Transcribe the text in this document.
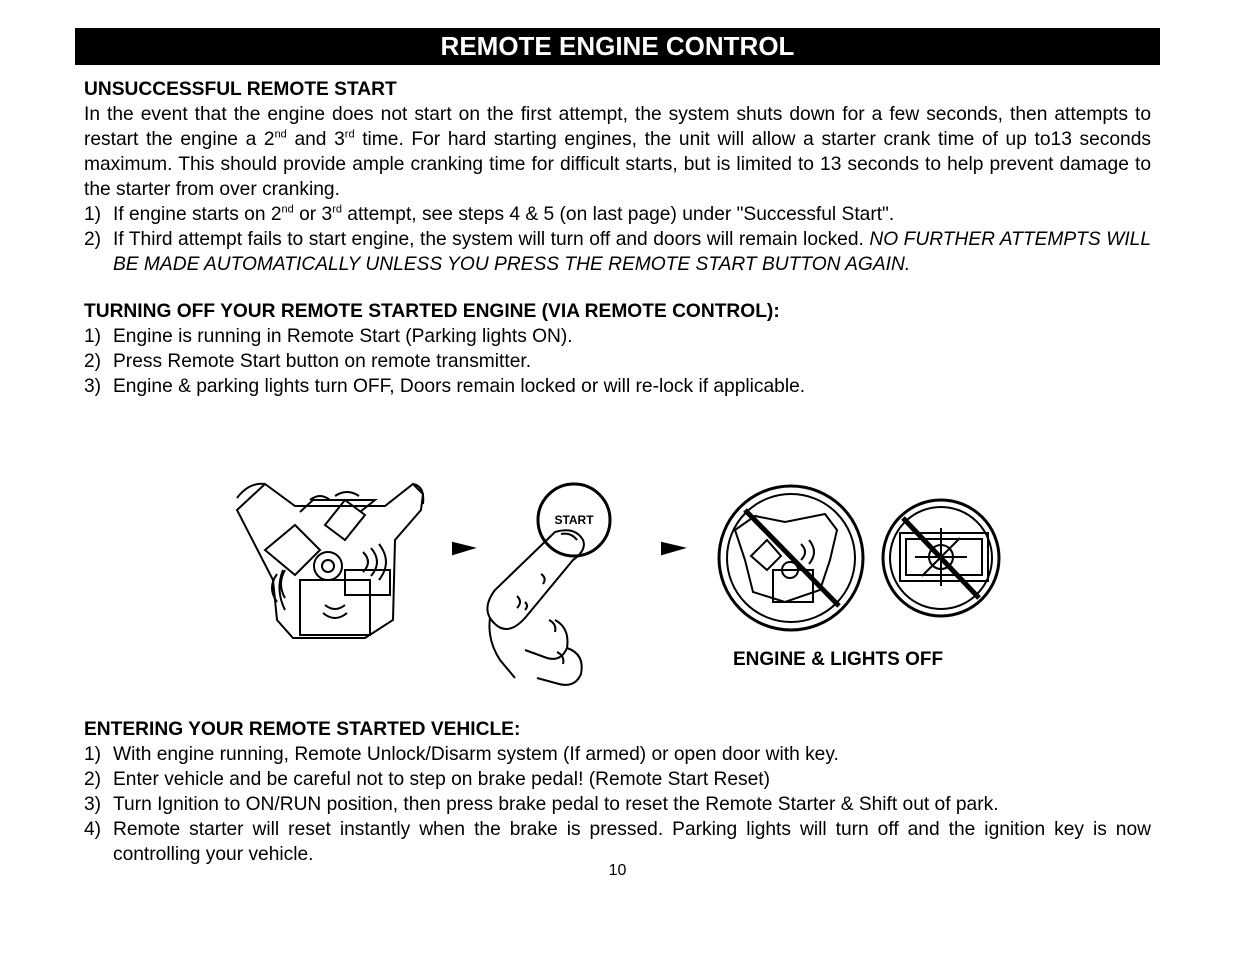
REMOTE ENGINE CONTROL

UNSUCCESSFUL REMOTE START

In the event that the engine does not start on the first attempt, the system shuts down for a few seconds, then attempts to restart the engine a 2nd and 3rd time. For hard starting engines, the unit will allow a starter crank time of up to13 seconds maximum. This should provide ample cranking time for difficult starts, but is limited to 13 seconds to help prevent damage to the starter from over cranking.

1) If engine starts on 2nd or 3rd attempt, see steps 4 & 5 (on last page) under "Successful Start".
2) If Third attempt fails to start engine, the system will turn off and doors will remain locked. NO FURTHER ATTEMPTS WILL BE MADE AUTOMATICALLY UNLESS YOU PRESS THE REMOTE START BUTTON AGAIN.

TURNING OFF YOUR REMOTE STARTED ENGINE (VIA REMOTE CONTROL):

1) Engine is running in Remote Start (Parking lights ON).
2) Press Remote Start button on remote transmitter.
3) Engine & parking lights turn OFF, Doors remain locked or will re-lock if applicable.
START
ENGINE & LIGHTS OFF

ENTERING YOUR REMOTE STARTED VEHICLE:

1) With engine running, Remote Unlock/Disarm system (If armed) or open door with key.
2) Enter vehicle and be careful not to step on brake pedal! (Remote Start Reset)
3) Turn Ignition to ON/RUN position, then press brake pedal to reset the Remote Starter & Shift out of park.
4) Remote starter will reset instantly when the brake is pressed. Parking lights will turn off and the ignition key is now controlling your vehicle.
10
